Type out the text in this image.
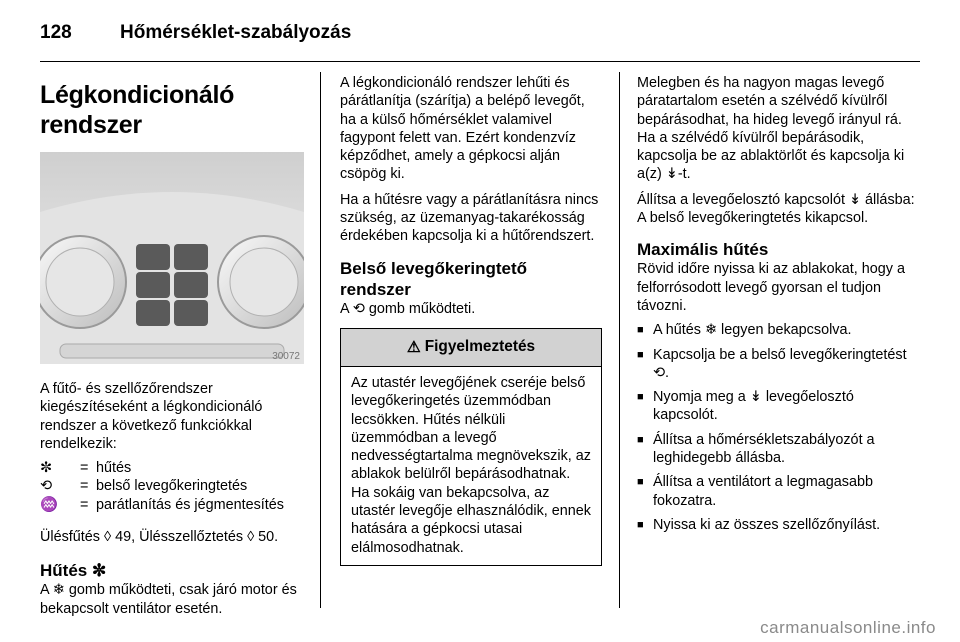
128	Hőmérséklet-szabályozás
Légkondicionáló rendszer
30072

A fűtő- és szellőzőrendszer kiegészítéseként a légkondicionáló rendszer a következő funkciókkal rendelkezik:

✼	= hűtés
⟲	= belső levegőkeringtetés
♒	= parátlanítás és jégmentesítés

Ülésfűtés ◊ 49, Ülésszellőztetés ◊ 50.

Hűtés ✼

A ❄ gomb működteti, csak járó motor és bekapcsolt ventilátor esetén.

A légkondicionáló rendszer lehűti és párátlanítja (szárítja) a belépő levegőt, ha a külső hőmérséklet valamivel fagypont felett van. Ezért kondenzvíz képződhet, amely a gépkocsi alján csöpög ki.

Ha a hűtésre vagy a párátlanításra nincs szükség, az üzemanyag-takarékosság érdekében kapcsolja ki a hűtőrendszert.

Belső levegőkeringtető rendszer

A ⟲ gomb működteti.

⚠ Figyelmeztetés

Az utastér levegőjének cseréje belső levegőkeringetés üzemmódban lecsökken. Hűtés nélküli üzemmódban a levegő nedvességtartalma megnövekszik, az ablakok belülről bepárásodhatnak. Ha sokáig van bekapcsolva, az utastér levegője elhasználódik, ennek hatására a gépkocsi utasai elálmosodhatnak.

Melegben és ha nagyon magas levegő páratartalom esetén a szélvédő kívülről bepárásodhat, ha hideg levegő irányul rá. Ha a szélvédő kívülről bepárásodik, kapcsolja be az ablaktörlőt és kapcsolja ki a(z) ↡-t.

Állítsa a levegőelosztó kapcsolót ↡ állásba: A belső levegőkeringtetés kikapcsol.

Maximális hűtés

Rövid időre nyissa ki az ablakokat, hogy a felforrósodott levegő gyorsan el tudjon távozni.

■ A hűtés ❄ legyen bekapcsolva.
■ Kapcsolja be a belső levegőkeringtetést ⟲.
■ Nyomja meg a ↡ levegőelosztó kapcsolót.
■ Állítsa a hőmérsékletszabályozót a leghidegebb állásba.
■ Állítsa a ventilátort a legmagasabb fokozatra.
■ Nyissa ki az összes szellőzőnyílást.
carmanualsonline.info
